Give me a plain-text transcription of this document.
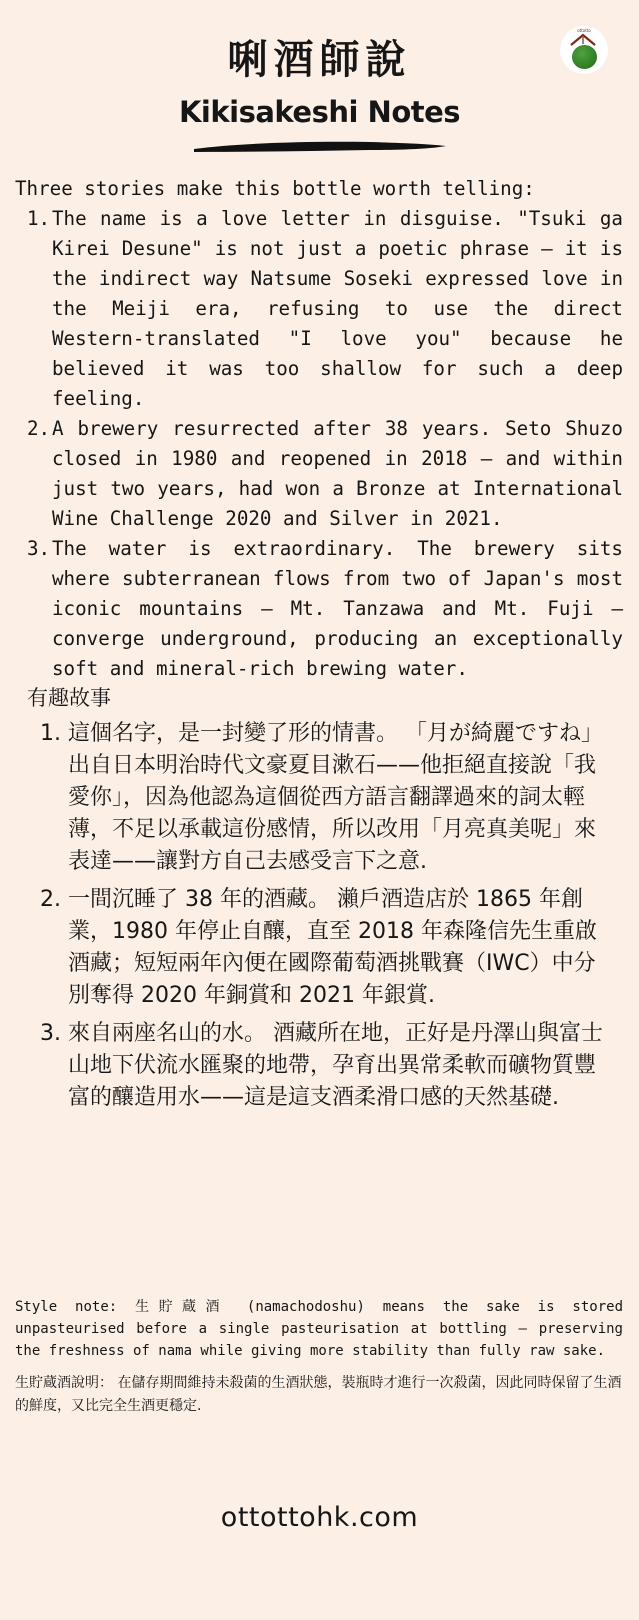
ottotto
唎酒師說
Kikisakeshi Notes

Three stories make this bottle worth telling:

1. The name is a love letter in disguise. "Tsuki ga Kirei Desune" is not just a poetic phrase — it is the indirect way Natsume Soseki expressed love in the Meiji era, refusing to use the direct Western-translated "I love you" because he believed it was too shallow for such a deep feeling.
2. A brewery resurrected after 38 years. Seto Shuzo closed in 1980 and reopened in 2018 — and within just two years, had won a Bronze at International Wine Challenge 2020 and Silver in 2021.
3. The water is extraordinary. The brewery sits where subterranean flows from two of Japan's most iconic mountains — Mt. Tanzawa and Mt. Fuji — converge underground, producing an exceptionally soft and mineral-rich brewing water.
有趣故事
1. 這個名字，是一封變了形的情書。 「月が綺麗ですね」出自日本明治時代文豪夏目漱石——他拒絕直接說「我愛你」，因為他認為這個從西方語言翻譯過來的詞太輕薄，不足以承載這份感情，所以改用「月亮真美呢」來表達——讓對方自己去感受言下之意.
2. 一間沉睡了 38 年的酒藏。 瀨戶酒造店於 1865 年創業，1980 年停止自釀，直至 2018 年森隆信先生重啟酒藏；短短兩年內便在國際葡萄酒挑戰賽（IWC）中分別奪得 2020 年銅賞和 2021 年銀賞.
3. 來自兩座名山的水。 酒藏所在地，正好是丹澤山與富士山地下伏流水匯聚的地帶，孕育出異常柔軟而礦物質豐富的釀造用水——這是這支酒柔滑口感的天然基礎.

Style note: 生貯蔵酒 (namachodoshu) means the sake is stored unpasteurised before a single pasteurisation at bottling — preserving the freshness of nama while giving more stability than fully raw sake.

生貯蔵酒說明： 在儲存期間維持未殺菌的生酒狀態，裝瓶時才進行一次殺菌，因此同時保留了生酒的鮮度，又比完全生酒更穩定.

ottottohk.com
